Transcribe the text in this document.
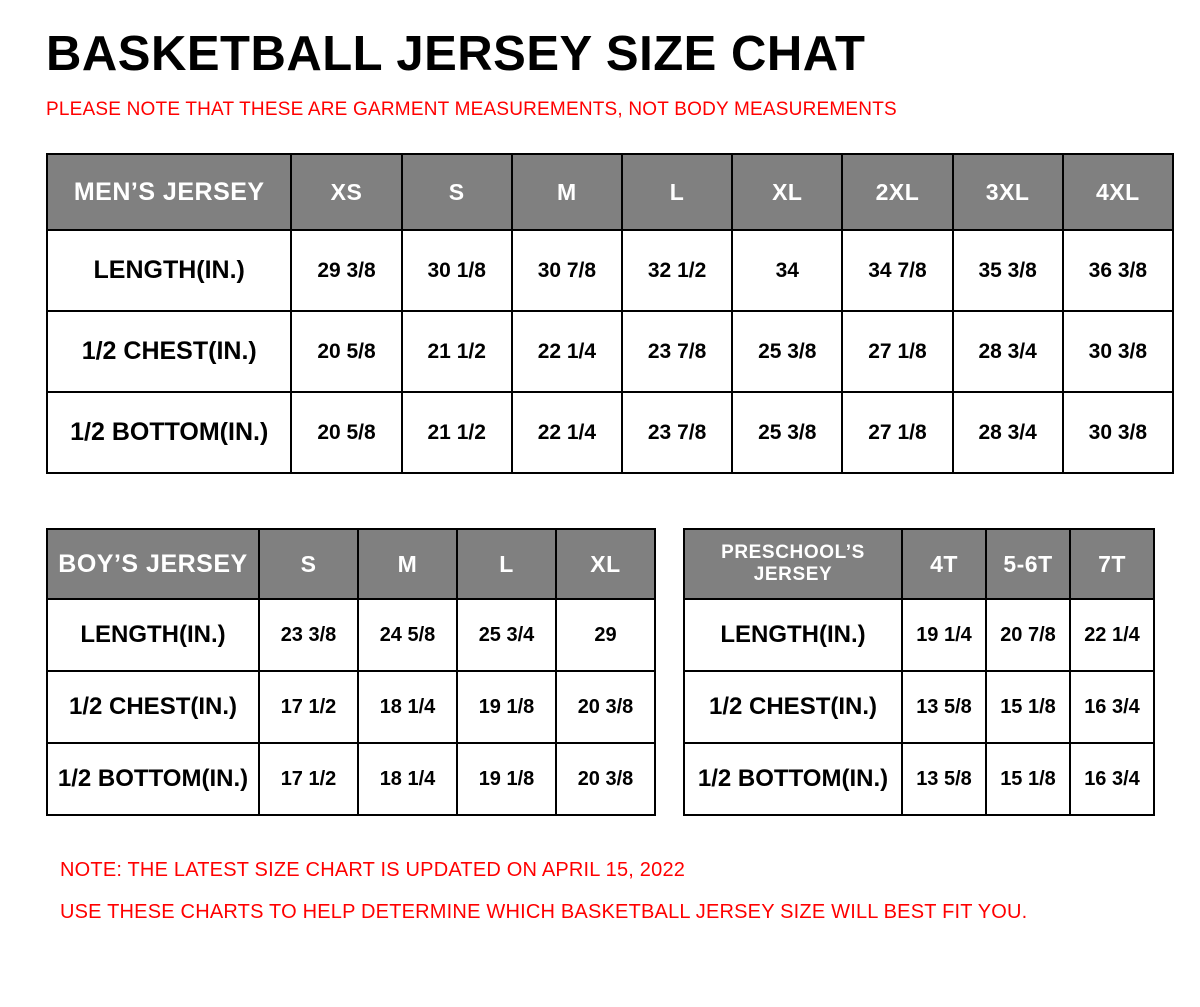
BASKETBALL JERSEY SIZE CHAT
PLEASE NOTE THAT THESE ARE GARMENT MEASUREMENTS, NOT BODY MEASUREMENTS
MEN’S JERSEY	XS	S	M	L	XL	2XL	3XL	4XL
LENGTH(IN.)	29 3/8	30 1/8	30 7/8	32 1/2	34	34 7/8	35 3/8	36 3/8
1/2 CHEST(IN.)	20 5/8	21 1/2	22 1/4	23 7/8	25 3/8	27 1/8	28 3/4	30 3/8
1/2 BOTTOM(IN.)	20 5/8	21 1/2	22 1/4	23 7/8	25 3/8	27 1/8	28 3/4	30 3/8
BOY’S JERSEY	S	M	L	XL
LENGTH(IN.)	23 3/8	24 5/8	25 3/4	29
1/2 CHEST(IN.)	17 1/2	18 1/4	19 1/8	20 3/8
1/2 BOTTOM(IN.)	17 1/2	18 1/4	19 1/8	20 3/8
PRESCHOOL’S JERSEY	4T	5-6T	7T
LENGTH(IN.)	19 1/4	20 7/8	22 1/4
1/2 CHEST(IN.)	13 5/8	15 1/8	16 3/4
1/2 BOTTOM(IN.)	13 5/8	15 1/8	16 3/4
NOTE: THE LATEST SIZE CHART IS UPDATED ON APRIL 15, 2022
USE THESE CHARTS TO HELP DETERMINE WHICH BASKETBALL JERSEY SIZE WILL BEST FIT YOU.
